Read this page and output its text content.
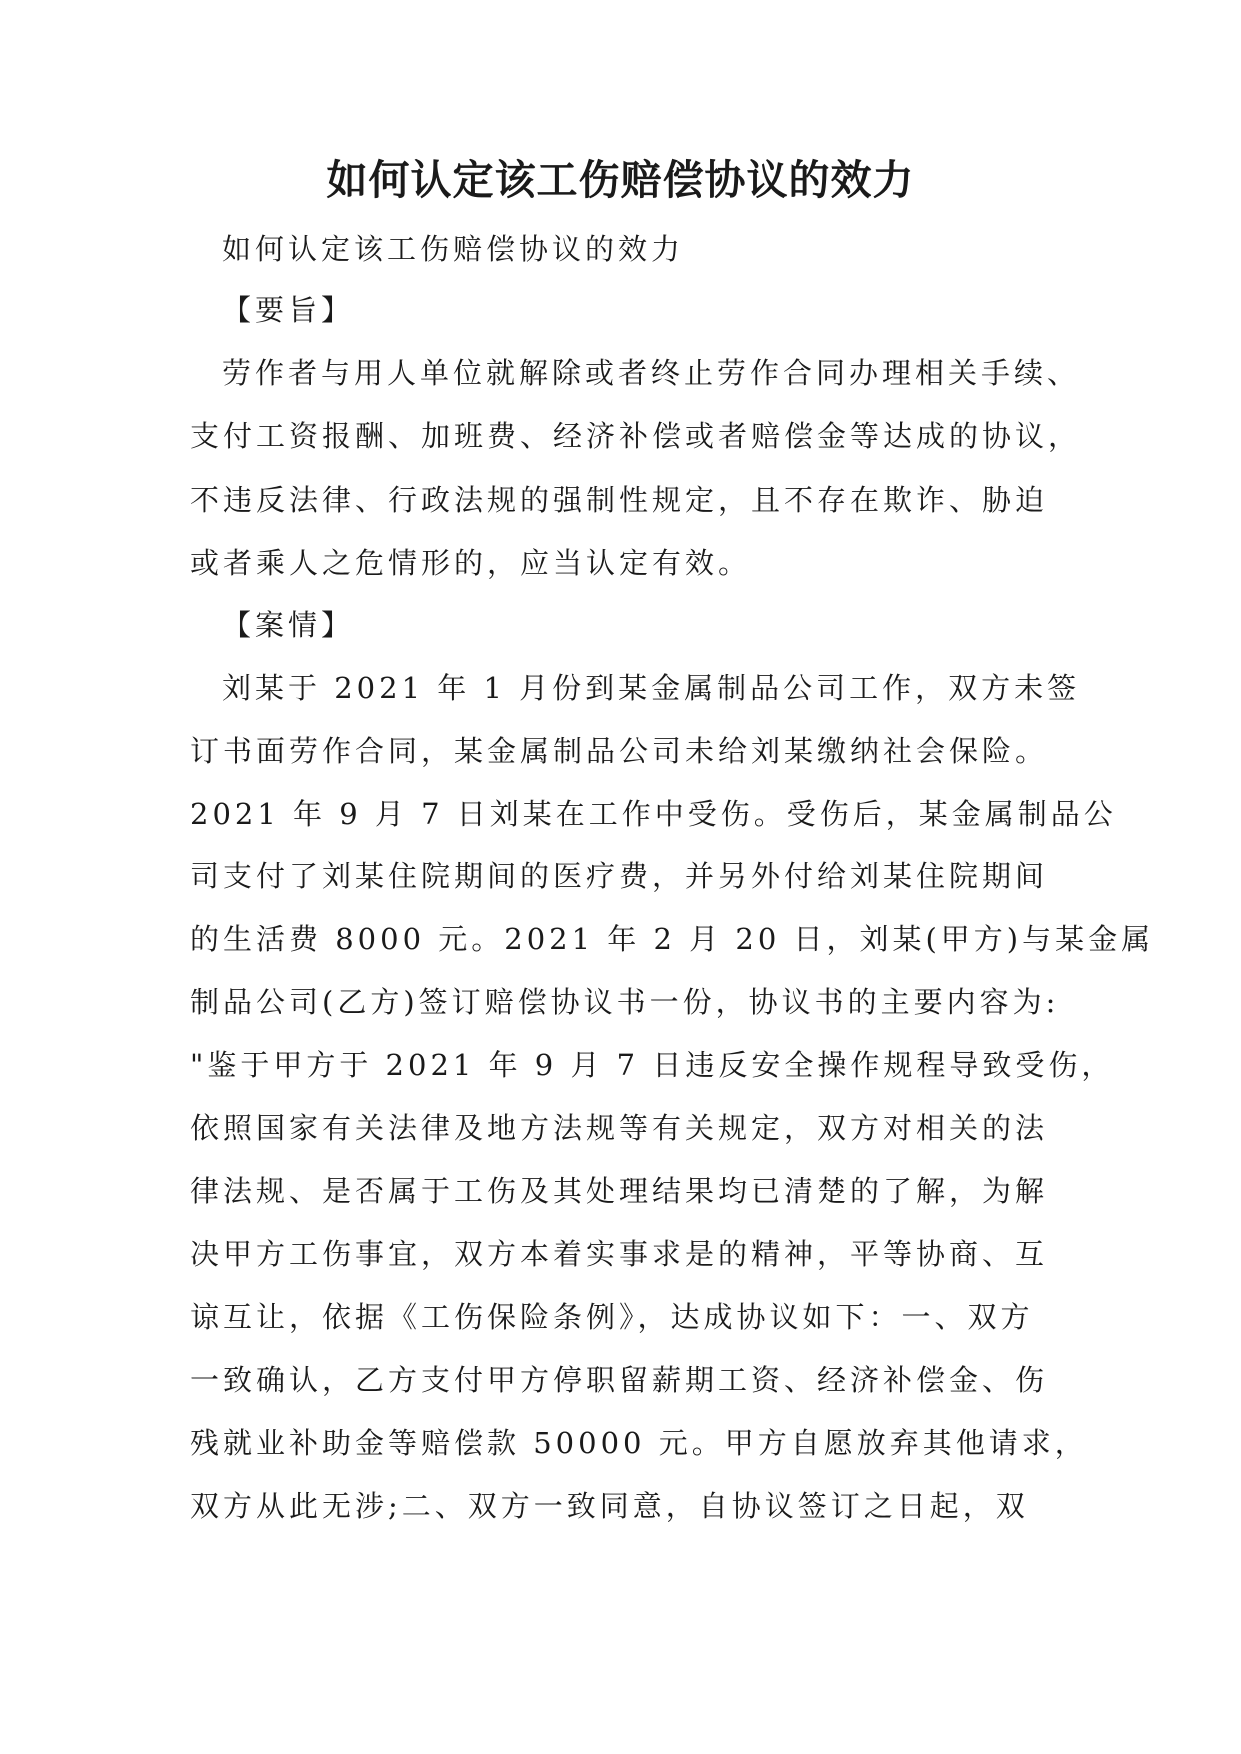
如何认定该工伤赔偿协议的效力
如何认定该工伤赔偿协议的效力
【要旨】
劳作者与用人单位就解除或者终止劳作合同办理相关手续、
支付工资报酬、加班费、经济补偿或者赔偿金等达成的协议，
不违反法律、行政法规的强制性规定，且不存在欺诈、胁迫
或者乘人之危情形的，应当认定有效。
【案情】
刘某于 2021 年 1 月份到某金属制品公司工作，双方未签
订书面劳作合同，某金属制品公司未给刘某缴纳社会保险。
2021 年 9 月 7 日刘某在工作中受伤。受伤后，某金属制品公
司支付了刘某住院期间的医疗费，并另外付给刘某住院期间
的生活费 8000 元。2021 年 2 月 20 日，刘某(甲方)与某金属
制品公司(乙方)签订赔偿协议书一份，协议书的主要内容为:
"鉴于甲方于 2021 年 9 月 7 日违反安全操作规程导致受伤，
依照国家有关法律及地方法规等有关规定，双方对相关的法
律法规、是否属于工伤及其处理结果均已清楚的了解，为解
决甲方工伤事宜，双方本着实事求是的精神，平等协商、互
谅互让，依据《工伤保险条例》，达成协议如下：一、双方
一致确认，乙方支付甲方停职留薪期工资、经济补偿金、伤
残就业补助金等赔偿款 50000 元。甲方自愿放弃其他请求，
双方从此无涉;二、双方一致同意，自协议签订之日起，双
